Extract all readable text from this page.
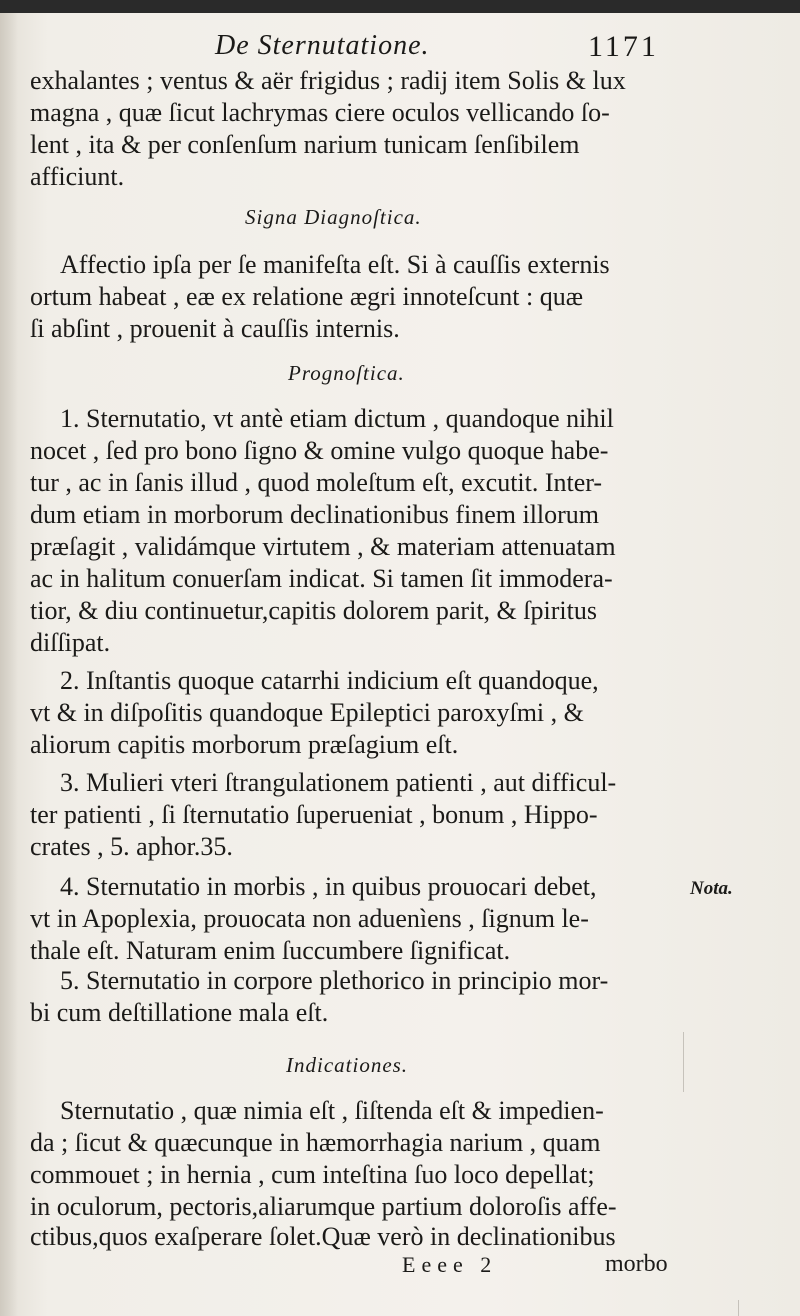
De Sternutatione.	1171
exhalantes ; ventus & aër frigidus ; radij item Solis & lux
magna , quæ ſicut lachrymas ciere oculos vellicando ſo-
lent , ita & per conſenſum narium tunicam ſenſibilem
afficiunt.
Signa Diagnoſtica.
Affectio ipſa per ſe manifeſta eſt. Si à cauſſis externis
ortum habeat , eæ ex relatione ægri innoteſcunt : quæ
ſi abſint , prouenit à cauſſis internis.
Prognoſtica.
1. Sternutatio, vt antè etiam dictum , quandoque nihil
nocet , ſed pro bono ſigno & omine vulgo quoque habe-
tur , ac in ſanis illud , quod moleſtum eſt, excutit. Inter-
dum etiam in morborum declinationibus finem illorum
præſagit , validámque virtutem , & materiam attenuatam
ac in halitum conuerſam indicat. Si tamen ſit immodera-
tior, & diu continuetur,capitis dolorem parit, & ſpiritus
diſſipat.
2. Inſtantis quoque catarrhi indicium eſt quandoque,
vt & in diſpoſitis quandoque Epileptici paroxyſmi , &
aliorum capitis morborum præſagium eſt.
3. Mulieri vteri ſtrangulationem patienti , aut difficul-
ter patienti , ſi ſternutatio ſuperueniat , bonum , Hippo-
crates , 5. aphor.35.
4. Sternutatio in morbis , in quibus prouocari debet,
vt in Apoplexia, prouocata non aduenìens , ſignum le-
thale eſt. Naturam enim ſuccumbere ſignificat.
Nota.
5. Sternutatio in corpore plethorico in principio mor-
bi cum deſtillatione mala eſt.
Indicationes.
Sternutatio , quæ nimia eſt , ſiſtenda eſt & impedien-
da ; ſicut & quæcunque in hæmorrhagia narium , quam
commouet ; in hernia , cum inteſtina ſuo loco depellat;
in oculorum, pectoris,aliarumque partium doloroſis affe-
ctibus,quos exaſperare ſolet.Quæ verò in declinationibus
Eeee 2	morbo
